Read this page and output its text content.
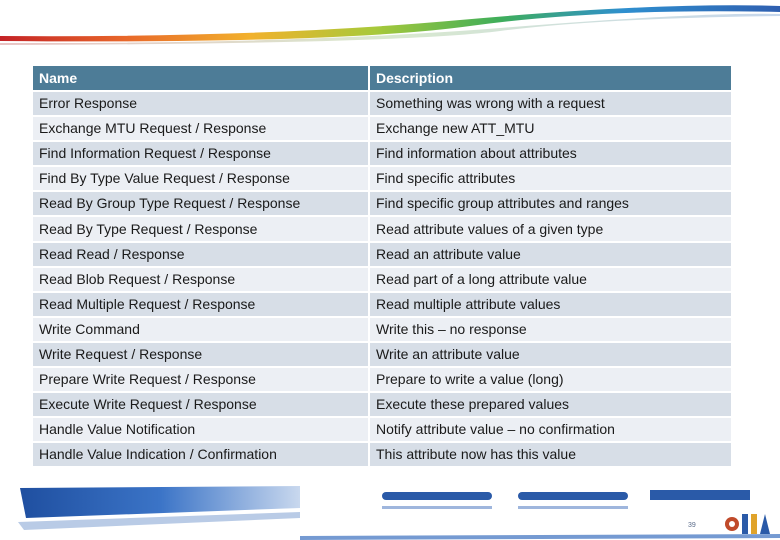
Name	Description
Error Response	Something was wrong with a request
Exchange MTU Request / Response	Exchange new ATT_MTU
Find Information Request / Response	Find information about attributes
Find By Type Value Request / Response	Find specific attributes
Read By Group Type Request / Response	Find specific group attributes and ranges
Read By Type Request / Response	Read attribute values of a given type
Read Read / Response	Read an attribute value
Read Blob Request / Response	Read part of a long attribute value
Read Multiple Request / Response	Read multiple attribute values
Write Command	Write this – no response
Write Request / Response	Write an attribute value
Prepare Write Request / Response	Prepare to write a value (long)
Execute Write Request / Response	Execute these prepared values
Handle Value Notification	Notify attribute value – no confirmation
Handle Value Indication / Confirmation	This attribute now has this value
39
